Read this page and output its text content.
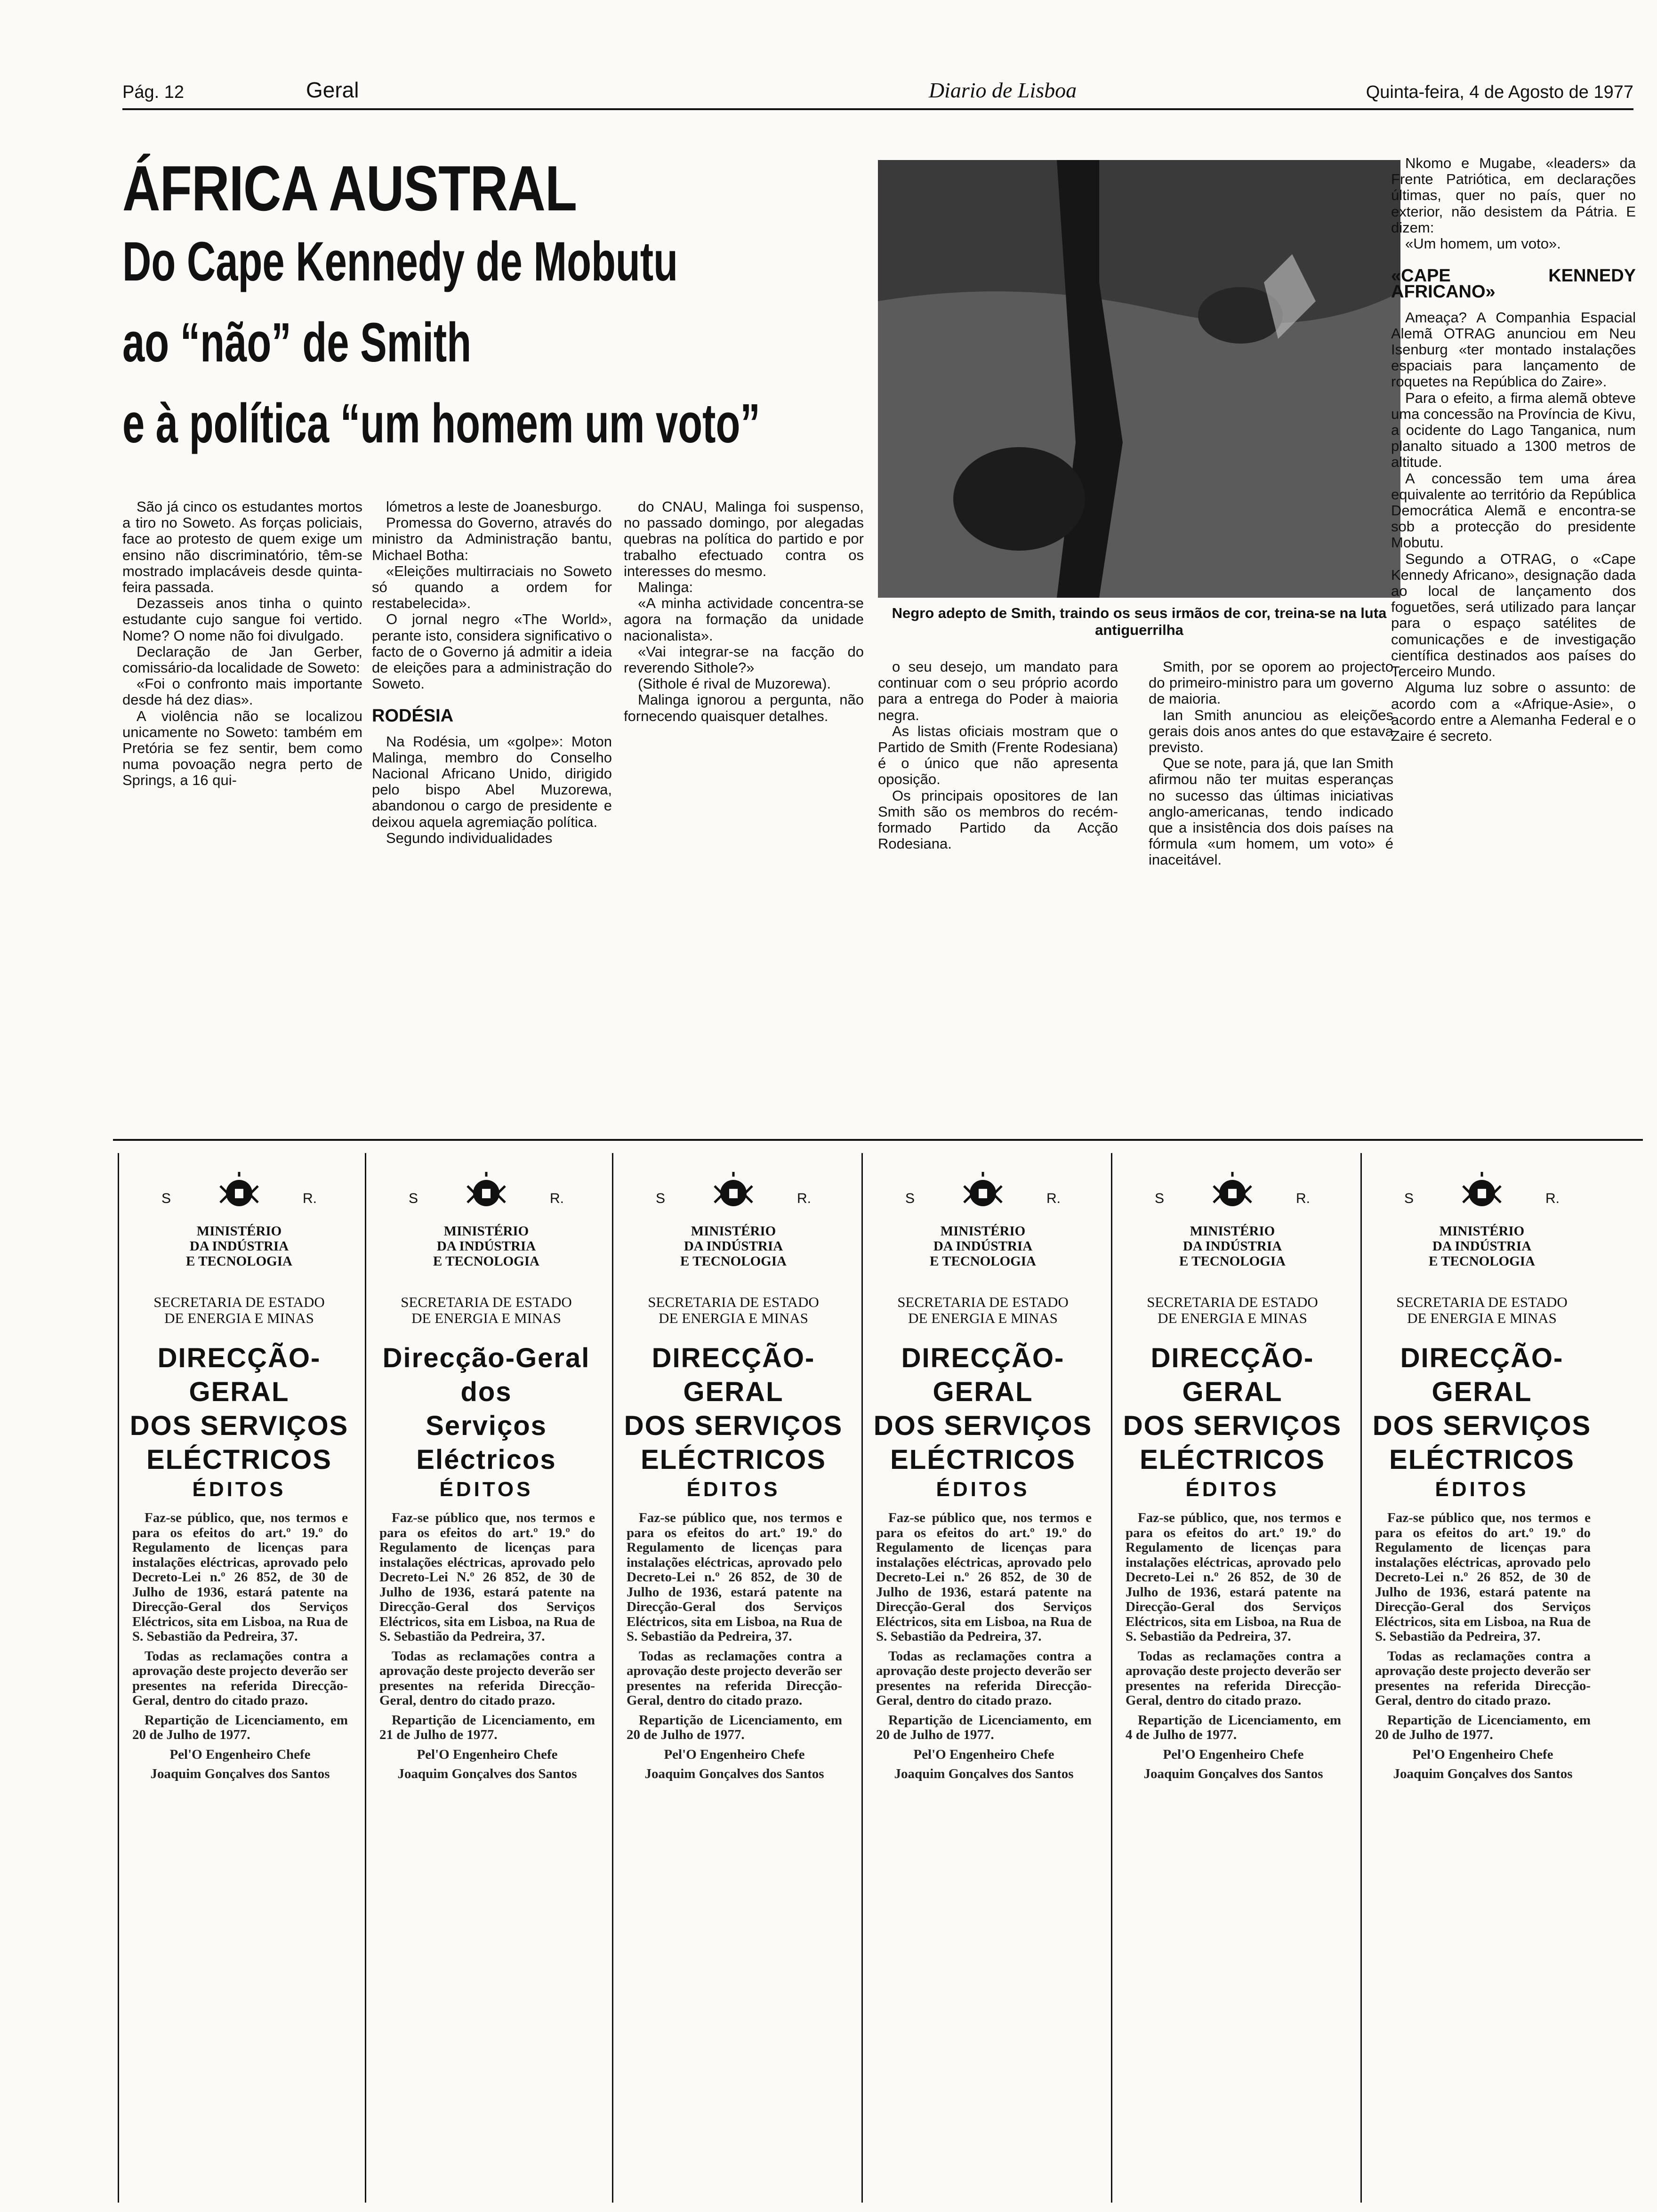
Pág. 12	Geral	Diario de Lisboa	Quinta-feira, 4 de Agosto de 1977
ÁFRICA AUSTRAL
Do Cape Kennedy de Mobutu
ao “não” de Smith
e à política “um homem um voto”
Negro adepto de Smith, traindo os seus irmãos de cor, treina-se na luta antiguerrilha

São já cinco os estudantes mortos a tiro no Soweto. As forças policiais, face ao protesto de quem exige um ensino não discriminatório, têm-se mostrado implacáveis desde quinta-feira passada.

Dezasseis anos tinha o quinto estudante cujo sangue foi vertido. Nome? O nome não foi divulgado.

Declaração de Jan Gerber, comissário-da localidade de Soweto:

«Foi o confronto mais importante desde há dez dias».

A violência não se localizou unicamente no Soweto: também em Pretória se fez sentir, bem como numa povoação negra perto de Springs, a 16 qui-

lómetros a leste de Joanesburgo.

Promessa do Governo, através do ministro da Administração bantu, Michael Botha:

«Eleições multirraciais no Soweto só quando a ordem for restabelecida».

O jornal negro «The World», perante isto, considera significativo o facto de o Governo já admitir a ideia de eleições para a administração do Soweto.

RODÉSIA

Na Rodésia, um «golpe»: Moton Malinga, membro do Conselho Nacional Africano Unido, dirigido pelo bispo Abel Muzorewa, abandonou o cargo de presidente e deixou aquela agremiação política.

Segundo individualidades

do CNAU, Malinga foi suspenso, no passado domingo, por alegadas quebras na política do partido e por trabalho efectuado contra os interesses do mesmo.

Malinga:

«A minha actividade concentra-se agora na formação da unidade nacionalista».

«Vai integrar-se na facção do reverendo Sithole?»

(Sithole é rival de Muzorewa).

Malinga ignorou a pergunta, não fornecendo quaisquer detalhes.

o seu desejo, um mandato para continuar com o seu próprio acordo para a entrega do Poder à maioria negra.

As listas oficiais mostram que o Partido de Smith (Frente Rodesiana) é o único que não apresenta oposição.

Os principais opositores de Ian Smith são os membros do recém-formado Partido da Acção Rodesiana.

Smith, por se oporem ao projecto do primeiro-ministro para um governo de maioria.

Ian Smith anunciou as eleições gerais dois anos antes do que estava previsto.

Que se note, para já, que Ian Smith afirmou não ter muitas esperanças no sucesso das últimas iniciativas anglo-americanas, tendo indicado que a insistência dos dois países na fórmula «um homem, um voto» é inaceitável.

Nkomo e Mugabe, «leaders» da Frente Patriótica, em declarações últimas, quer no país, quer no exterior, não desistem da Pátria. E dizem:

«Um homem, um voto».

«CAPE KENNEDY AFRICANO»

Ameaça? A Companhia Espacial Alemã OTRAG anunciou em Neu Isenburg «ter montado instalações espaciais para lançamento de roquetes na República do Zaire».

Para o efeito, a firma alemã obteve uma concessão na Província de Kivu, a ocidente do Lago Tanganica, num planalto situado a 1300 metros de altitude.

A concessão tem uma área equivalente ao território da República Democrática Alemã e encontra-se sob a protecção do presidente Mobutu.

Segundo a OTRAG, o «Cape Kennedy Africano», designação dada ao local de lançamento dos foguetões, será utilizado para lançar para o espaço satélites de comunicações e de investigação científica destinados aos países do Terceiro Mundo.

Alguma luz sobre o assunto: de acordo com a «Afrique-Asie», o acordo entre a Alemanha Federal e o Zaire é secreto.

S	R.
MINISTÉRIO
DA INDÚSTRIA
E TECNOLOGIA
SECRETARIA DE ESTADO
DE ENERGIA E MINAS
DIRECÇÃO-GERAL
DOS SERVIÇOS
ELÉCTRICOS
ÉDITOS

Faz-se público, que, nos termos e para os efeitos do art.º 19.º do Regulamento de licenças para instalações eléctricas, aprovado pelo Decreto-Lei n.º 26 852, de 30 de Julho de 1936, estará patente na Direcção-Geral dos Serviços Eléctricos, sita em Lisboa, na Rua de S. Sebastião da Pedreira, 37.

Todas as reclamações contra a aprovação deste projecto deverão ser presentes na referida Direcção-Geral, dentro do citado prazo.

Repartição de Licenciamento, em 20 de Julho de 1977.

Pel'O Engenheiro Chefe

Joaquim Gonçalves dos Santos

S	R.
MINISTÉRIO
DA INDÚSTRIA
E TECNOLOGIA
SECRETARIA DE ESTADO
DE ENERGIA E MINAS
Direcção-Geral dos
Serviços Eléctricos
ÉDITOS

Faz-se público que, nos termos e para os efeitos do art.º 19.º do Regulamento de licenças para instalações eléctricas, aprovado pelo Decreto-Lei N.º 26 852, de 30 de Julho de 1936, estará patente na Direcção-Geral dos Serviços Eléctricos, sita em Lisboa, na Rua de S. Sebastião da Pedreira, 37.

Todas as reclamações contra a aprovação deste projecto deverão ser presentes na referida Direcção-Geral, dentro do citado prazo.

Repartição de Licenciamento, em 21 de Julho de 1977.

Pel'O Engenheiro Chefe

Joaquim Gonçalves dos Santos

S	R.
MINISTÉRIO
DA INDÚSTRIA
E TECNOLOGIA
SECRETARIA DE ESTADO
DE ENERGIA E MINAS
DIRECÇÃO-GERAL
DOS SERVIÇOS
ELÉCTRICOS
ÉDITOS

Faz-se público que, nos termos e para os efeitos do art.º 19.º do Regulamento de licenças para instalações eléctricas, aprovado pelo Decreto-Lei n.º 26 852, de 30 de Julho de 1936, estará patente na Direcção-Geral dos Serviços Eléctricos, sita em Lisboa, na Rua de S. Sebastião da Pedreira, 37.

Todas as reclamações contra a aprovação deste projecto deverão ser presentes na referida Direcção-Geral, dentro do citado prazo.

Repartição de Licenciamento, em 20 de Julho de 1977.

Pel'O Engenheiro Chefe

Joaquim Gonçalves dos Santos

S	R.
MINISTÉRIO
DA INDÚSTRIA
E TECNOLOGIA
SECRETARIA DE ESTADO
DE ENERGIA E MINAS
DIRECÇÃO-GERAL
DOS SERVIÇOS
ELÉCTRICOS
ÉDITOS

Faz-se público que, nos termos e para os efeitos do art.º 19.º do Regulamento de licenças para instalações eléctricas, aprovado pelo Decreto-Lei n.º 26 852, de 30 de Julho de 1936, estará patente na Direcção-Geral dos Serviços Eléctricos, sita em Lisboa, na Rua de S. Sebastião da Pedreira, 37.

Todas as reclamações contra a aprovação deste projecto deverão ser presentes na referida Direcção-Geral, dentro do citado prazo.

Repartição de Licenciamento, em 20 de Julho de 1977.

Pel'O Engenheiro Chefe

Joaquim Gonçalves dos Santos

S	R.
MINISTÉRIO
DA INDÚSTRIA
E TECNOLOGIA
SECRETARIA DE ESTADO
DE ENERGIA E MINAS
DIRECÇÃO-GERAL
DOS SERVIÇOS
ELÉCTRICOS
ÉDITOS

Faz-se público, que, nos termos e para os efeitos do art.º 19.º do Regulamento de licenças para instalações eléctricas, aprovado pelo Decreto-Lei n.º 26 852, de 30 de Julho de 1936, estará patente na Direcção-Geral dos Serviços Eléctricos, sita em Lisboa, na Rua de S. Sebastião da Pedreira, 37.

Todas as reclamações contra a aprovação deste projecto deverão ser presentes na referida Direcção-Geral, dentro do citado prazo.

Repartição de Licenciamento, em 4 de Julho de 1977.

Pel'O Engenheiro Chefe

Joaquim Gonçalves dos Santos

S	R.
MINISTÉRIO
DA INDÚSTRIA
E TECNOLOGIA
SECRETARIA DE ESTADO
DE ENERGIA E MINAS
DIRECÇÃO-GERAL
DOS SERVIÇOS
ELÉCTRICOS
ÉDITOS

Faz-se público que, nos termos e para os efeitos do art.º 19.º do Regulamento de licenças para instalações eléctricas, aprovado pelo Decreto-Lei n.º 26 852, de 30 de Julho de 1936, estará patente na Direcção-Geral dos Serviços Eléctricos, sita em Lisboa, na Rua de S. Sebastião da Pedreira, 37.

Todas as reclamações contra a aprovação deste projecto deverão ser presentes na referida Direcção-Geral, dentro do citado prazo.

Repartição de Licenciamento, em 20 de Julho de 1977.

Pel'O Engenheiro Chefe

Joaquim Gonçalves dos Santos
